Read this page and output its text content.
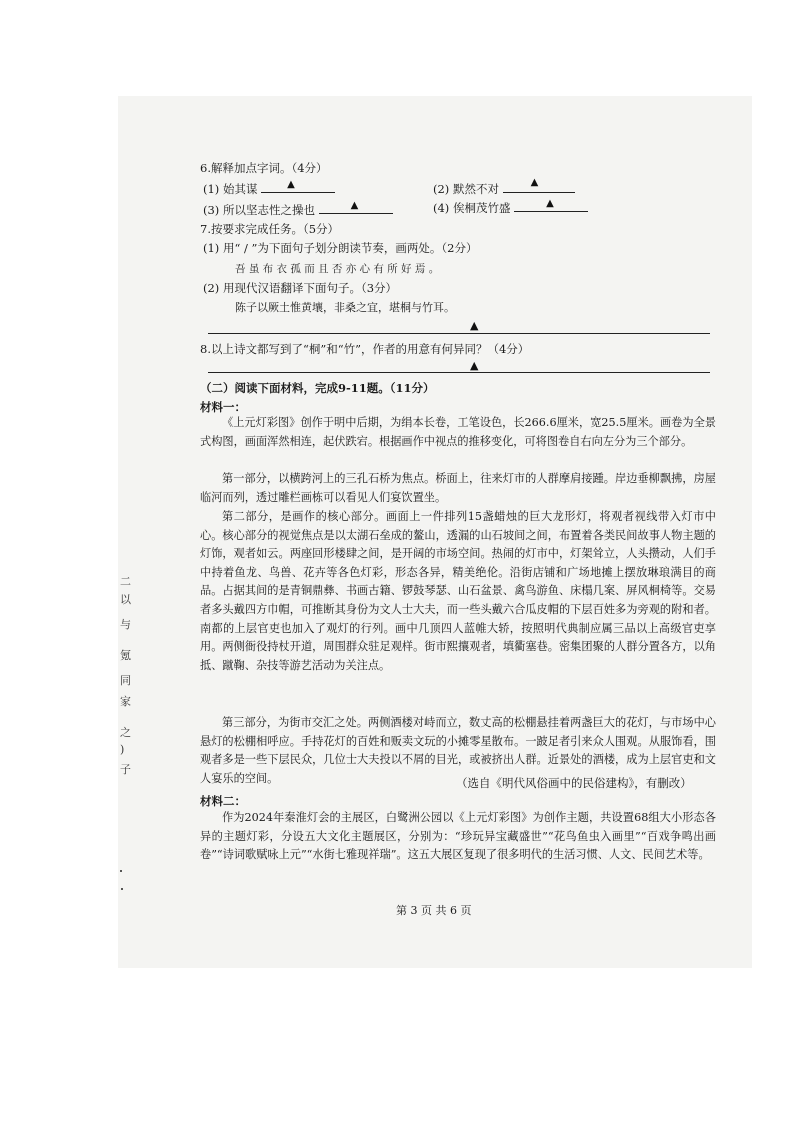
二
以
与
氪
同
家
之
)
子
6.解释加点字词。（4分）
(1) 始其谋	▲	(2) 默然不对	▲
(3) 所以坚志性之操也	▲	(4) 俟桐茂竹盛	▲
7.按要求完成任务。（5分）
(1) 用“ / ”为下面句子划分朗读节奏，画两处。（2分）
吾 虽 布 衣 孤 而 且 否 亦 心 有 所 好 焉 。
(2) 用现代汉语翻译下面句子。（3分）
陈子以厥土惟黄壤，非桑之宜，堪桐与竹耳。
▲
8.以上诗文都写到了“桐”和“竹”，作者的用意有何异同？（4分）
▲
（二）阅读下面材料，完成9-11题。（11分）
材料一：
《上元灯彩图》创作于明中后期，为绢本长卷，工笔设色，长266.6厘米，宽25.5厘米。画卷为全景式构图，画面浑然相连，起伏跌宕。根据画作中视点的推移变化，可将图卷自右向左分为三个部分。
第一部分，以横跨河上的三孔石桥为焦点。桥面上，往来灯市的人群摩肩接踵。岸边垂柳飘拂，房屋临河而列，透过雕栏画栋可以看见人们宴饮置坐。
第二部分，是画作的核心部分。画面上一件排列15盏蜡烛的巨大龙形灯，将观者视线带入灯市中心。核心部分的视觉焦点是以太湖石垒成的鳌山，透漏的山石坡间之间，布置着各类民间故事人物主题的灯饰，观者如云。两座回形楼肆之间，是开阔的市场空间。热闹的灯市中，灯架耸立，人头攒动，人们手中持着鱼龙、鸟兽、花卉等各色灯彩，形态各异，精美绝伦。沿街店铺和广场地摊上摆放琳琅满目的商品。占据其间的是青铜鼎彝、书画古籍、锣鼓琴瑟、山石盆景、禽鸟游鱼、床榻几案、屏风桐椅等。交易者多头戴四方巾帽，可推断其身份为文人士大夫，而一些头戴六合瓜皮帽的下层百姓多为旁观的附和者。南都的上层官吏也加入了观灯的行列。画中几顶四人蓝帷大轿，按照明代典制应属三品以上高级官吏享用。两侧衙役持杖开道，周围群众驻足观样。街市熙攘观者，填衢塞巷。密集团聚的人群分置各方，以角抵、蹴鞠、杂技等游艺活动为关注点。
第三部分，为街市交汇之处。两侧酒楼对峙而立，数丈高的松棚悬挂着两盏巨大的花灯，与市场中心悬灯的松棚相呼应。手持花灯的百姓和贩卖文玩的小摊零星散布。一跛足者引来众人围观。从服饰看，围观者多是一些下层民众，几位士大夫投以不屑的目光，或被挤出人群。近景处的酒楼，成为上层官吏和文人宴乐的空间。	（选自《明代风俗画中的民俗建构》，有删改）
材料二：
作为2024年秦淮灯会的主展区，白鹭洲公园以《上元灯彩图》为创作主题，共设置68组大小形态各异的主题灯彩，分设五大文化主题展区，分别为：“珍玩异宝藏盛世”“花鸟鱼虫入画里”“百戏争鸣出画卷”“诗词歌赋咏上元”“水街七雅现祥瑞”。这五大展区复现了很多明代的生活习惯、人文、民间艺术等。
第 3 页 共 6 页
